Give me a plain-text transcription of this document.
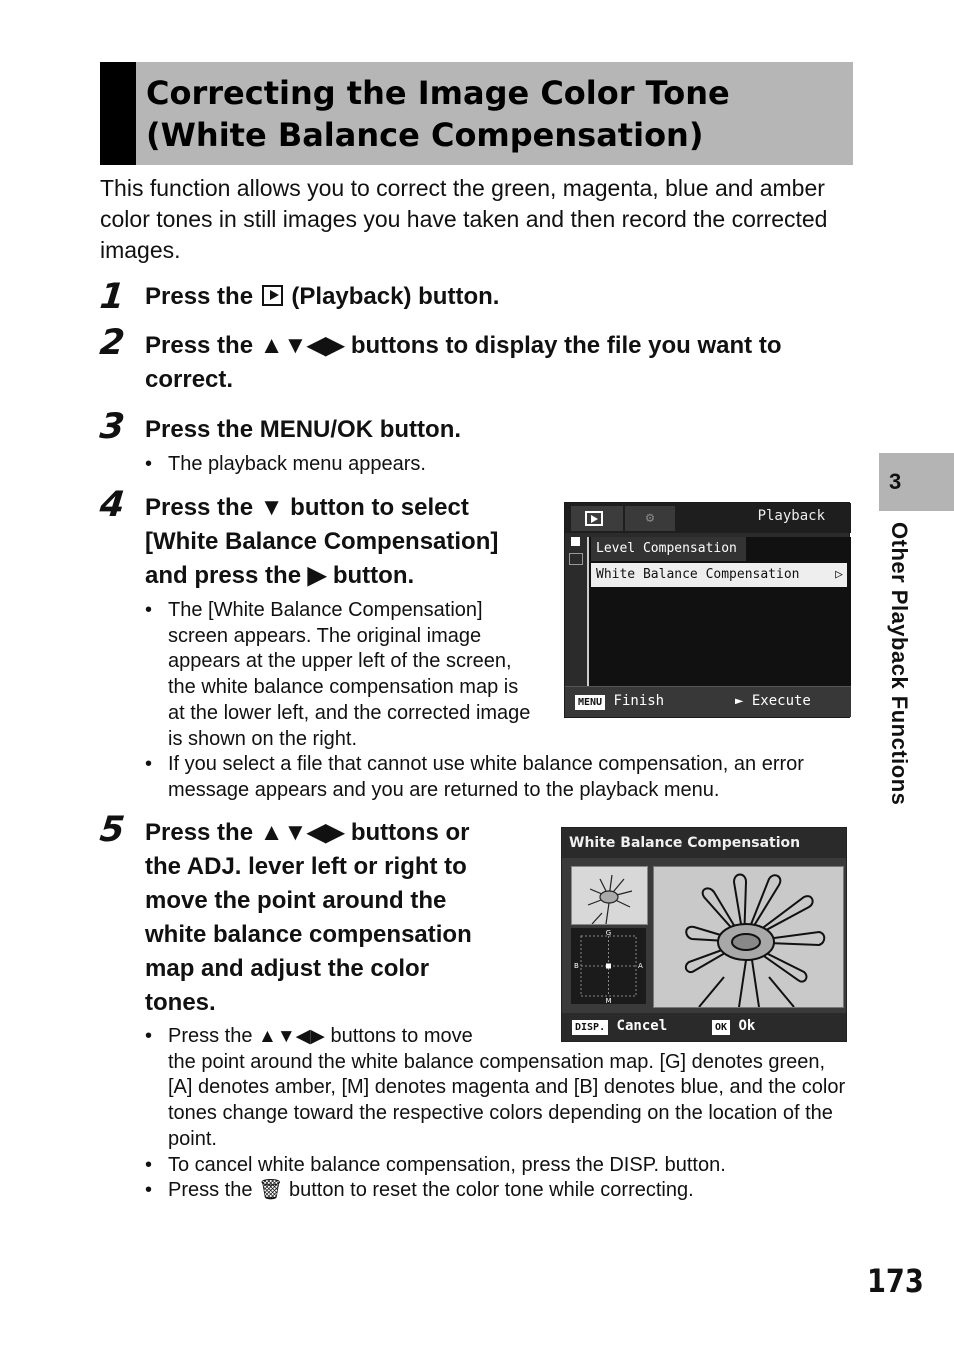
Correcting the Image Color Tone
(White Balance Compensation)
This function allows you to correct the green, magenta, blue and amber color tones in still images you have taken and then record the corrected images.
1 Press the (Playback) button.
2 Press the ▲▼◀▶ buttons to display the file you want to
correct.
3 Press the MENU/OK button.
• The playback menu appears.
4 Press the ▼ button to select
[White Balance Compensation]
and press the ▶ button.
• The [White Balance Compensation] screen appears. The original image appears at the upper left of the screen, the white balance compensation map is at the lower left, and the corrected image is shown on the right.
• If you select a file that cannot use white balance compensation, an error message appears and you are returned to the playback menu.
⚙	Playback
Level Compensation
White Balance Compensation	▷
MENU Finish	► Execute
5 Press the ▲▼◀▶ buttons or
the ADJ. lever left or right to
move the point around the
white balance compensation
map and adjust the color
tones.
• Press the ▲▼◀▶ buttons to move
the point around the white balance compensation map. [G] denotes green, [A] denotes amber, [M] denotes magenta and [B] denotes blue, and the color tones change toward the respective colors depending on the location of the point.
• To cancel white balance compensation, press the DISP. button.
• Press the 🗑 button to reset the color tone while correcting.
White Balance Compensation
G
M
B	A
DISP. Cancel	OK Ok
3
Other Playback Functions
173
